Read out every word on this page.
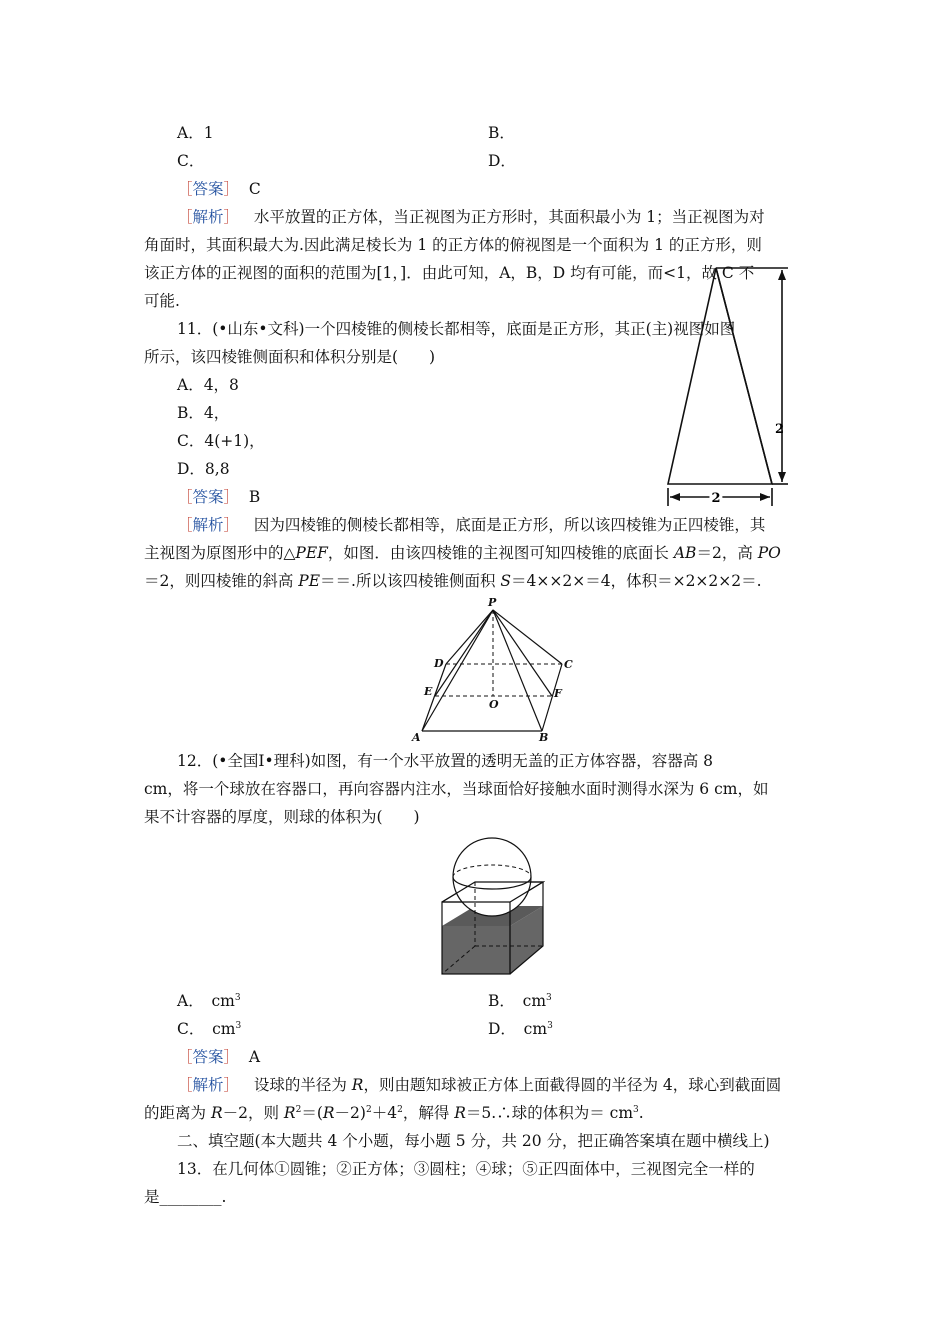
A．1	B．
C．	D．
［答案］ C
［解析］ 水平放置的正方体，当正视图为正方形时，其面积最小为 1；当正视图为对
角面时，其面积最大为.因此满足棱长为 1 的正方体的俯视图是一个面积为 1 的正方形，则
该正方体的正视图的面积的范围为[1，]．由此可知，A，B，D 均有可能，而<1，故 C 不
可能.
11．(•山东•文科)一个四棱锥的侧棱长都相等，底面是正方形，其正(主)视图如图
所示，该四棱锥侧面积和体积分别是(　　)
A．4，8
B．4，
C．4(+1)，
D．8,8
［答案］ B
2
2
［解析］ 因为四棱锥的侧棱长都相等，底面是正方形，所以该四棱锥为正四棱锥，其
主视图为原图形中的△PEF，如图．由该四棱锥的主视图可知四棱锥的底面长 AB＝2，高 PO
＝2，则四棱锥的斜高 PE＝＝.所以该四棱锥侧面积 S＝4××2×＝4，体积＝×2×2×2＝.
P
D	C
E	F
O
A	B
12．(•全国Ⅰ•理科)如图，有一个水平放置的透明无盖的正方体容器，容器高 8
cm，将一个球放在容器口，再向容器内注水，当球面恰好接触水面时测得水深为 6 cm，如
果不计容器的厚度，则球的体积为(　　)
A．　$cm^3$	B．　$cm^3$
C．　$cm^3$	D．　$cm^3$
［答案］ A
［解析］ 设球的半径为 R，则由题知球被正方体上面截得圆的半径为 4，球心到截面圆
的距离为 R－2，则 $R^2=(R-2)^2+4^2$，解得 R＝5.∴球的体积为＝ $cm^3$.
二、填空题(本大题共 4 个小题，每小题 5 分，共 20 分，把正确答案填在题中横线上)
13．在几何体①圆锥；②正方体；③圆柱；④球；⑤正四面体中，三视图完全一样的
是________.
